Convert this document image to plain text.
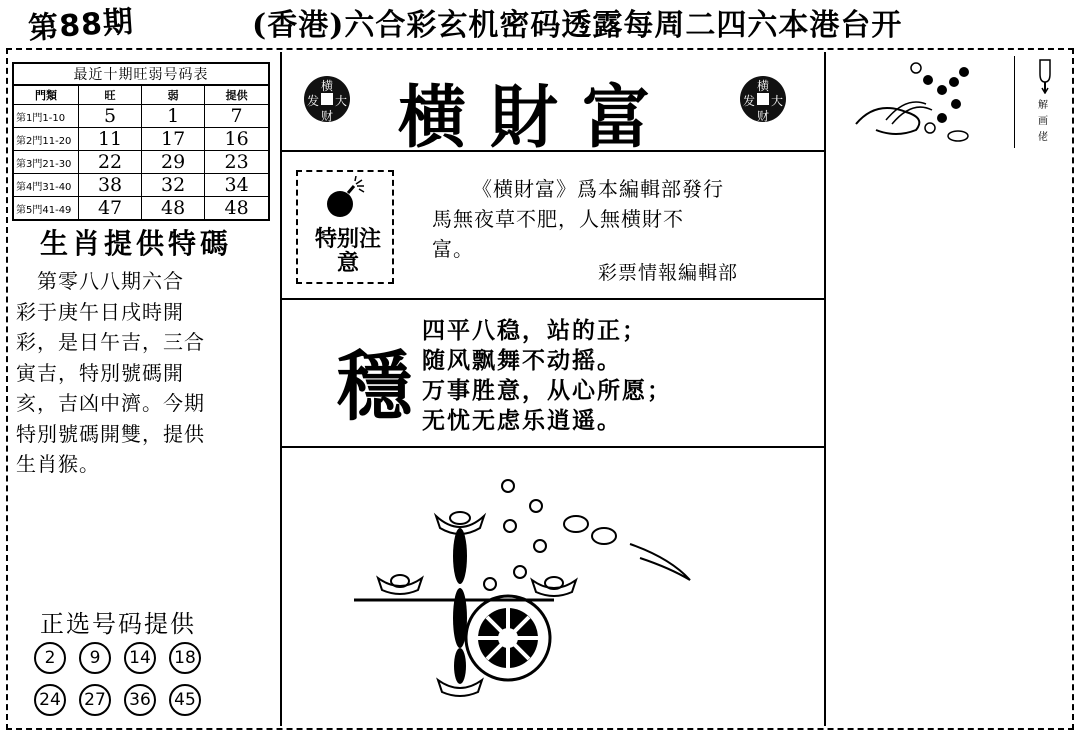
第88期	(香港)六合彩玄机密码透露每周二四六本港台开
最近十期旺弱号码表
門類	旺	弱	提供
第1門1-10	5	1	7
第2門11-20	11	17	16
第3門21-30	22	29	23
第4門31-40	38	32	34
第5門41-49	47	48	48
生肖提供特碼
　第零八八期六合
彩于庚午日戌時開
彩，是日午吉，三合
寅吉，特別號碼開
亥，吉凶中濟。今期
特別號碼開雙，提供
生肖猴。
正选号码提供
2 9 14 18
24 27 36 45
横
发 大
财 横財富	横
发 大
财
特别注意
《横財富》爲本編輯部發行
馬無夜草不肥，人無横財不
富。
彩票情報編輯部
穩
四平八稳，站的正；
随风飘舞不动摇。
万事胜意，从心所愿；
无忧无虑乐逍遥。
解画佬
